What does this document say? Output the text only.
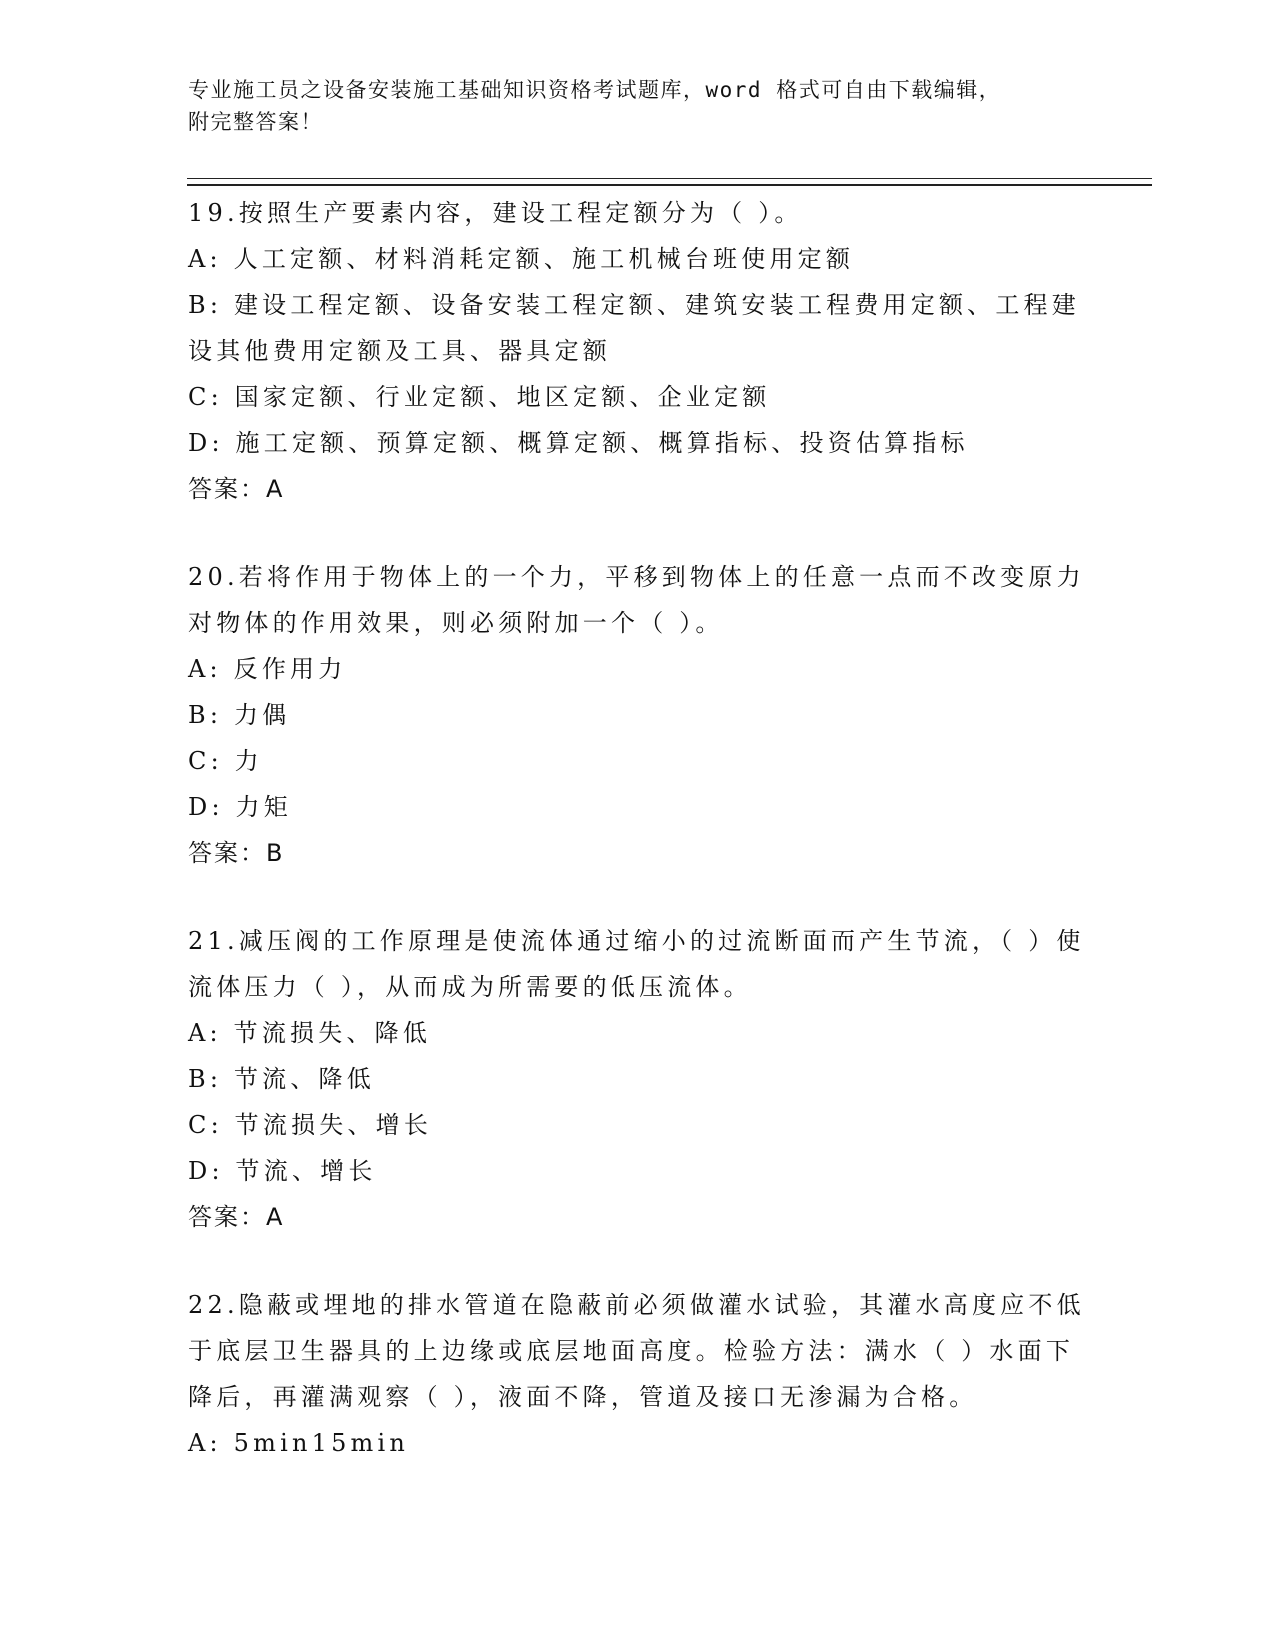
专业施工员之设备安装施工基础知识资格考试题库，word 格式可自由下载编辑，
附完整答案！

19.按照生产要素内容，建设工程定额分为（ ）。

A: 人工定额、材料消耗定额、施工机械台班使用定额

B: 建设工程定额、设备安装工程定额、建筑安装工程费用定额、工程建设其他费用定额及工具、器具定额

C: 国家定额、行业定额、地区定额、企业定额

D: 施工定额、预算定额、概算定额、概算指标、投资估算指标

答案：A

20.若将作用于物体上的一个力，平移到物体上的任意一点而不改变原力对物体的作用效果，则必须附加一个（ ）。

A: 反作用力

B: 力偶

C: 力

D: 力矩

答案：B

21.减压阀的工作原理是使流体通过缩小的过流断面而产生节流，（ ）使流体压力（ ），从而成为所需要的低压流体。

A: 节流损失、降低

B: 节流、降低

C: 节流损失、增长

D: 节流、增长

答案：A

22.隐蔽或埋地的排水管道在隐蔽前必须做灌水试验，其灌水高度应不低于底层卫生器具的上边缘或底层地面高度。检验方法：满水（ ）水面下降后，再灌满观察（ ），液面不降，管道及接口无渗漏为合格。

A: 5min15min
